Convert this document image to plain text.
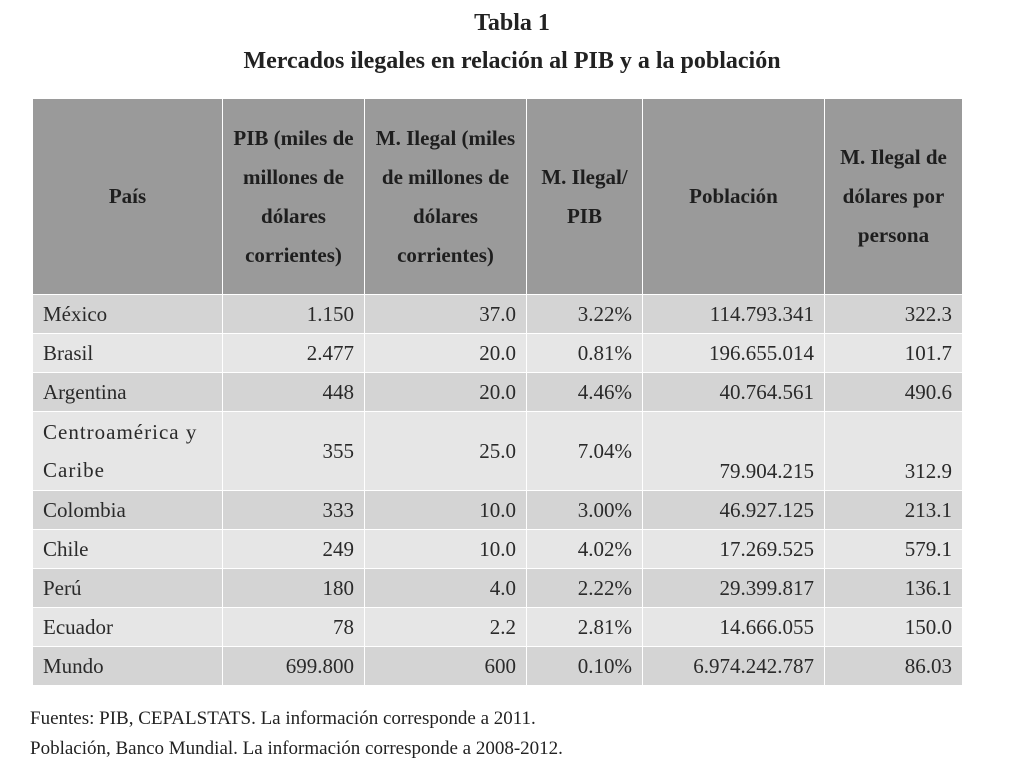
Tabla 1
Mercados ilegales en relación al PIB y a la población
País	PIB (miles de millones de dólares corrientes)	M. Ilegal (miles de millones de dólares corrientes)	M. Ilegal/ PIB	Población	M. Ilegal de dólares por persona
México	1.150	37.0	3.22%	114.793.341	322.3
Brasil	2.477	20.0	0.81%	196.655.014	101.7
Argentina	448	20.0	4.46%	40.764.561	490.6
Centroamérica y Caribe	355	25.0	7.04%	79.904.215	312.9
Colombia	333	10.0	3.00%	46.927.125	213.1
Chile	249	10.0	4.02%	17.269.525	579.1
Perú	180	4.0	2.22%	29.399.817	136.1
Ecuador	78	2.2	2.81%	14.666.055	150.0
Mundo	699.800	600	0.10%	6.974.242.787	86.03
Fuentes: PIB, CEPALSTATS. La información corresponde a 2011.
Población, Banco Mundial. La información corresponde a 2008-2012.
